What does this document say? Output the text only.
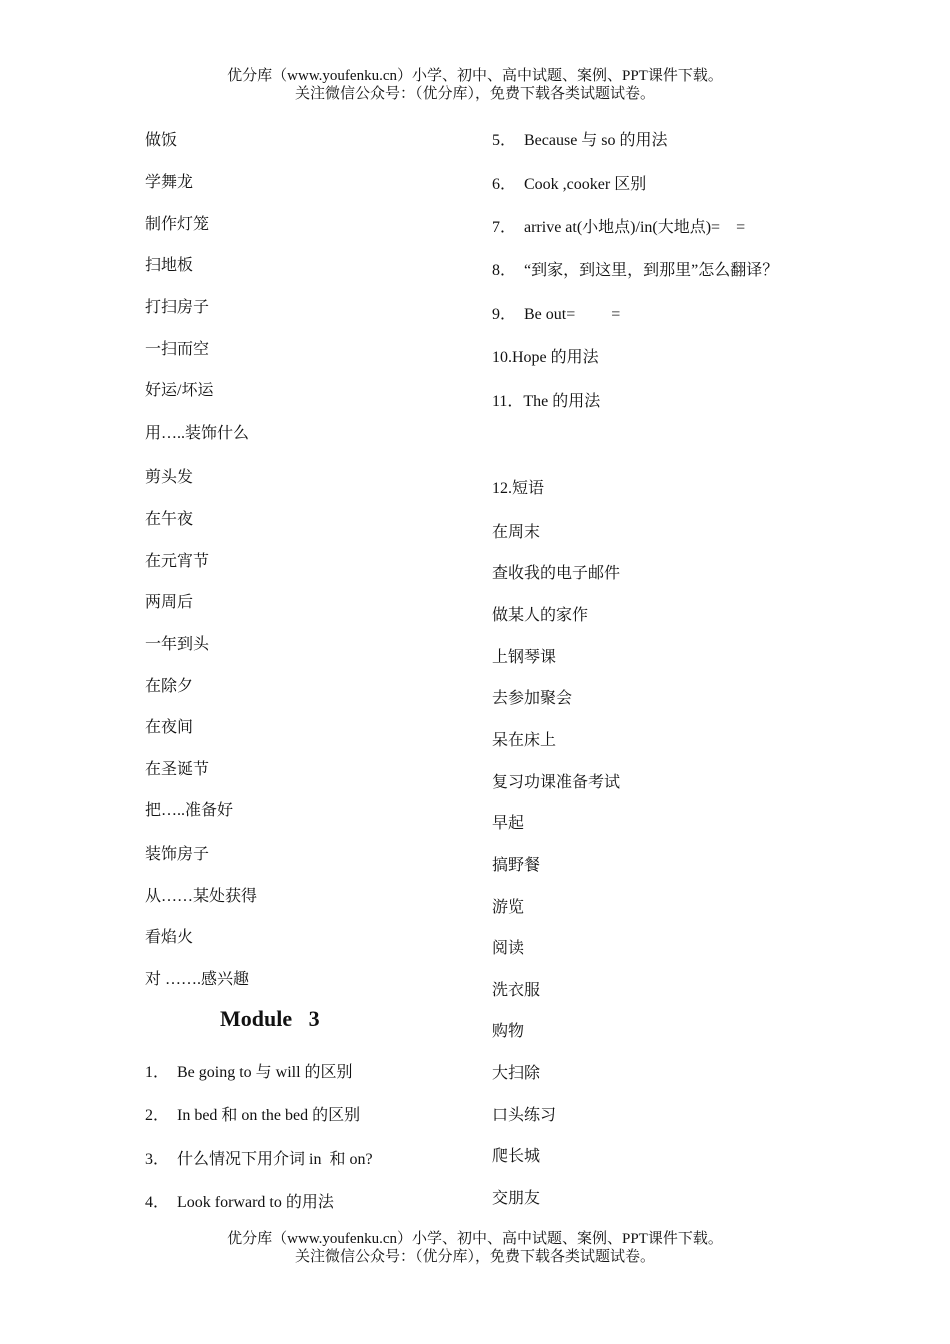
优分库（www.youfenku.cn）小学、初中、高中试题、案例、PPT课件下载。
关注微信公众号：（优分库），免费下载各类试题试卷。
做饭
学舞龙
制作灯笼
扫地板
打扫房子
一扫而空
好运/坏运
用…..装饰什么
剪头发
在午夜
在元宵节
两周后
一年到头
在除夕
在夜间
在圣诞节
把…..准备好
装饰房子
从……某处获得
看焰火
对 …….感兴趣
1．  Be going to 与 will 的区别
2．  In bed 和 on the bed 的区别
3．  什么情况下用介词 in  和 on?
4．  Look forward to 的用法
Module   3
5．  Because 与 so 的用法
6．  Cook ,cooker 区别
7．  arrive at(小地点)/in(大地点)=    =
8．  “到家，到这里，到那里”怎么翻译？
9．  Be out=         =
10.Hope 的用法
11．The 的用法
12.短语
在周末
查收我的电子邮件
做某人的家作
上钢琴课
去参加聚会
呆在床上
复习功课准备考试
早起
搞野餐
游览
阅读
洗衣服
购物
大扫除
口头练习
爬长城
交朋友
优分库（www.youfenku.cn）小学、初中、高中试题、案例、PPT课件下载。
关注微信公众号：（优分库），免费下载各类试题试卷。
